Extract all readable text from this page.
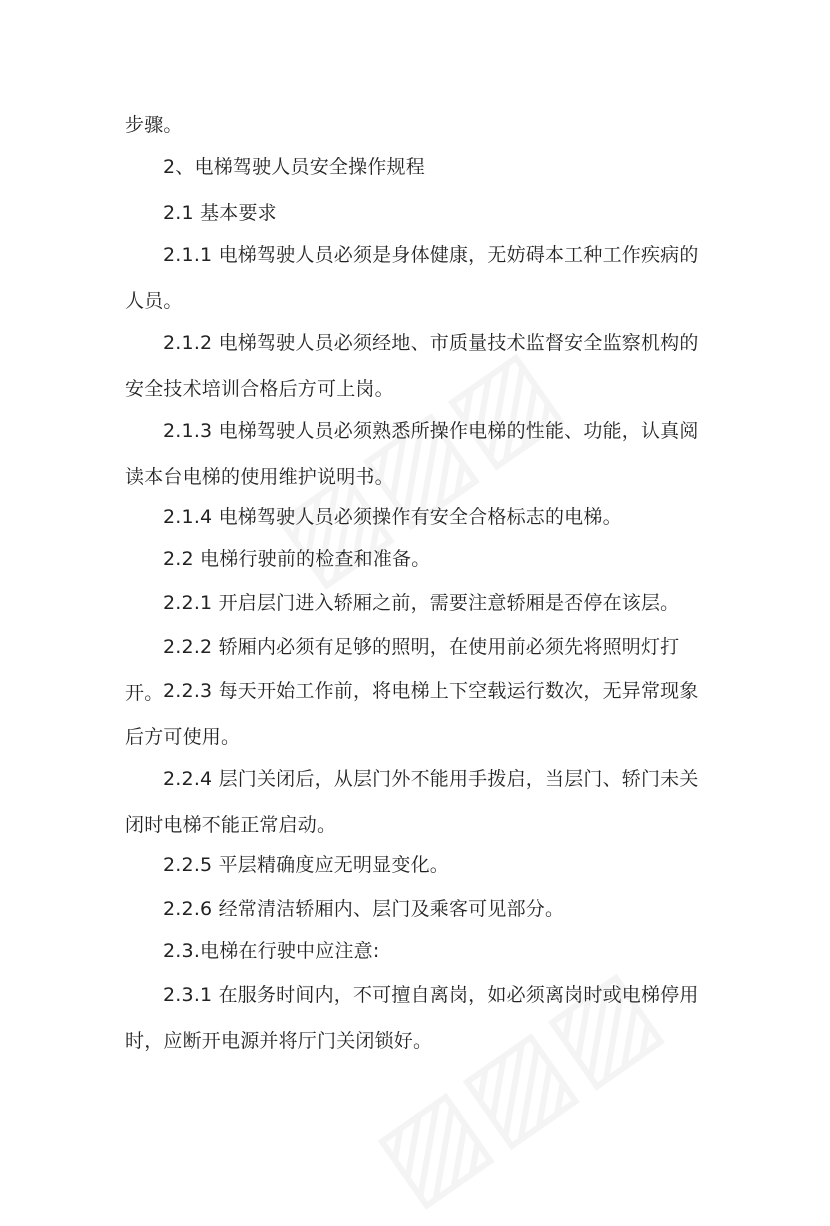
步骤。

2、电梯驾驶人员安全操作规程

2.1 基本要求

2.1.1 电梯驾驶人员必须是身体健康，无妨碍本工种工作疾病的人员。

2.1.2 电梯驾驶人员必须经地、市质量技术监督安全监察机构的安全技术培训合格后方可上岗。

2.1.3 电梯驾驶人员必须熟悉所操作电梯的性能、功能，认真阅读本台电梯的使用维护说明书。

2.1.4 电梯驾驶人员必须操作有安全合格标志的电梯。

2.2 电梯行驶前的检查和准备。

2.2.1 开启层门进入轿厢之前，需要注意轿厢是否停在该层。

2.2.2 轿厢内必须有足够的照明，在使用前必须先将照明灯打开。 2.2.3 每天开始工作前，将电梯上下空载运行数次，无异常现象后方可使用。

2.2.4 层门关闭后，从层门外不能用手拨启，当层门、轿门未关闭时电梯不能正常启动。

2.2.5 平层精确度应无明显变化。

2.2.6 经常清洁轿厢内、层门及乘客可见部分。

2.3.电梯在行驶中应注意:

2.3.1 在服务时间内，不可擅自离岗，如必须离岗时或电梯停用时，应断开电源并将厅门关闭锁好。
